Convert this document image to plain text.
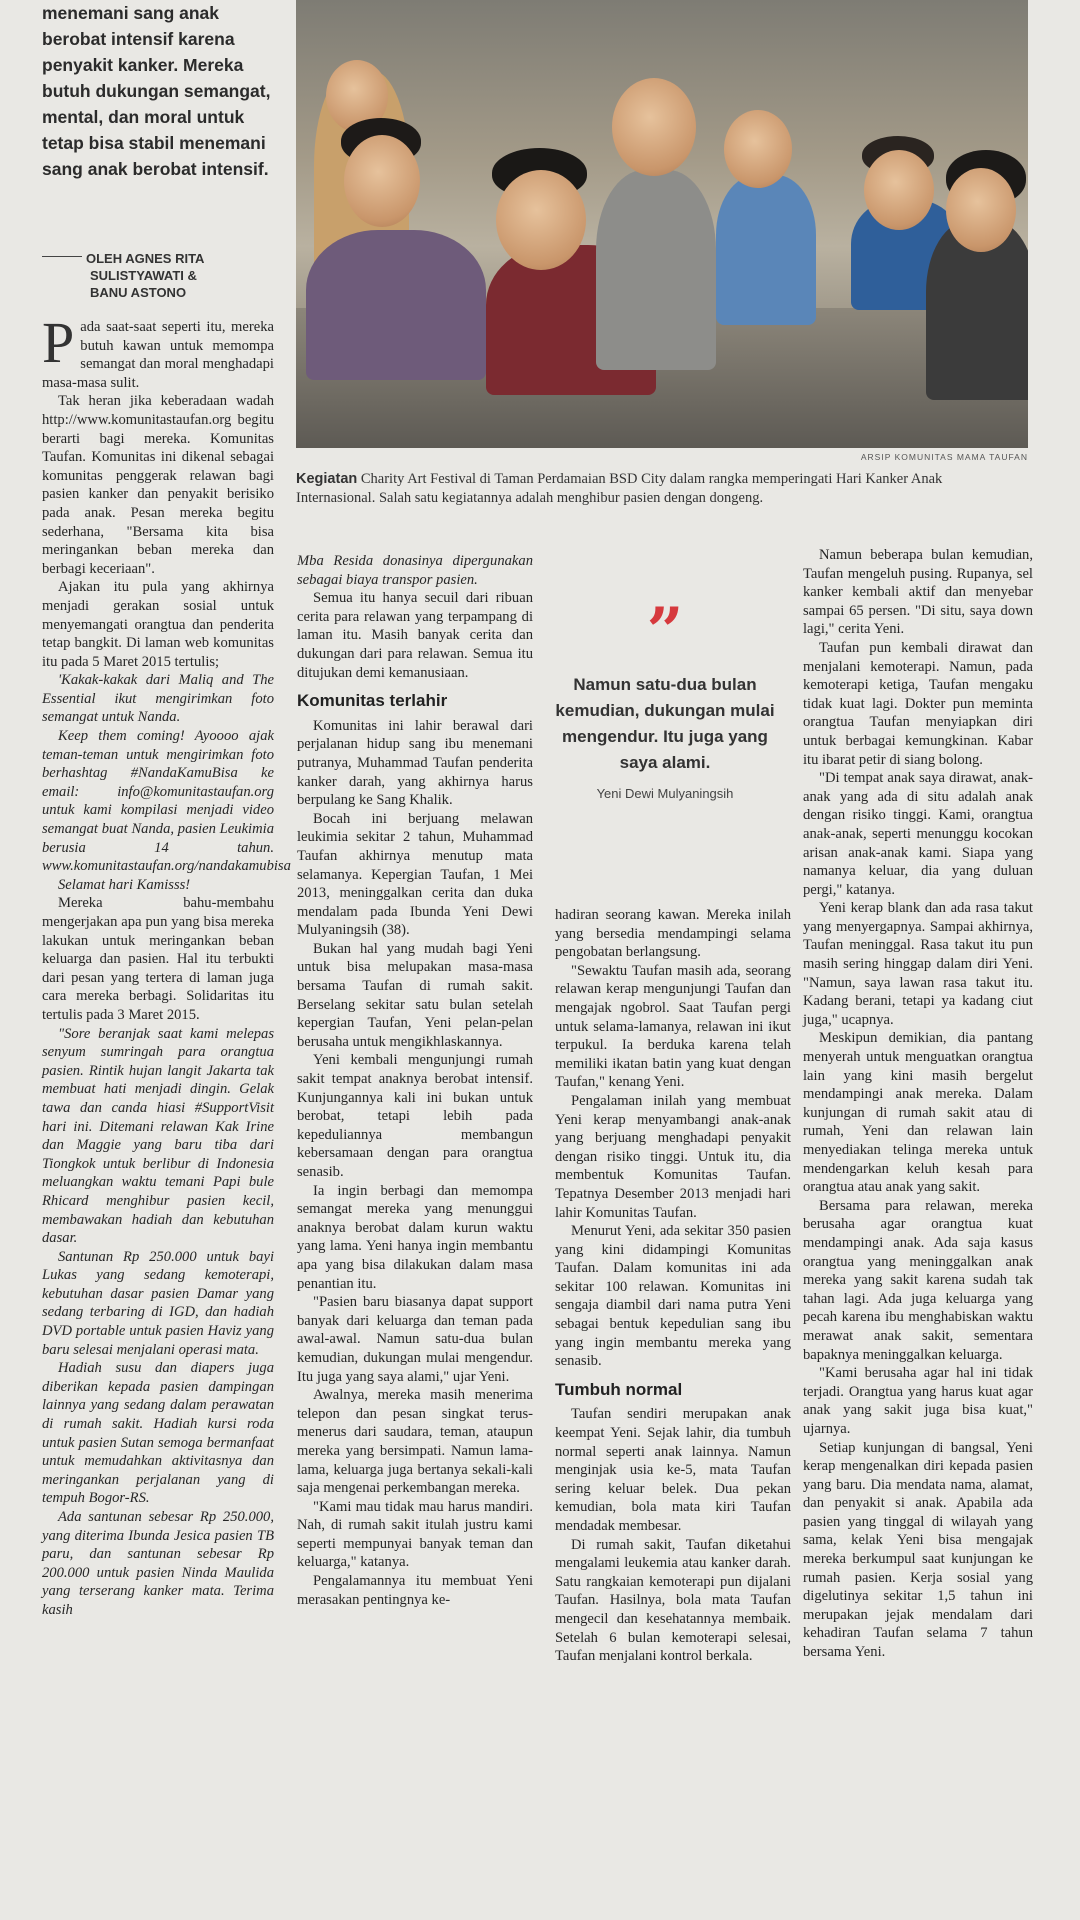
menemani sang anak berobat intensif karena penyakit kanker. Mereka butuh dukungan semangat, mental, dan moral untuk tetap bisa stabil menemani sang anak berobat intensif.
OLEH AGNES RITA
SULISTYAWATI &
BANU ASTONO
ARSIP KOMUNITAS MAMA TAUFAN
Kegiatan Charity Art Festival di Taman Perdamaian BSD City dalam rangka memperingati Hari Kanker Anak Internasional. Salah satu kegiatannya adalah menghibur pasien dengan dongeng.

Pada saat-saat seperti itu, mereka butuh kawan untuk memompa semangat dan moral menghadapi masa-masa sulit.

Tak heran jika keberadaan wadah http://www.komunitastaufan.org begitu berarti bagi mereka. Komunitas Taufan. Komunitas ini dikenal sebagai komunitas penggerak relawan bagi pasien kanker dan penyakit berisiko pada anak. Pesan mereka begitu sederhana, "Bersama kita bisa meringankan beban mereka dan berbagi keceriaan".

Ajakan itu pula yang akhirnya menjadi gerakan sosial untuk menyemangati orangtua dan penderita tetap bangkit. Di laman web komunitas itu pada 5 Maret 2015 tertulis;

'Kakak-kakak dari Maliq and The Essential ikut mengirimkan foto semangat untuk Nanda.

Keep them coming! Ayoooo ajak teman-teman untuk mengirimkan foto berhashtag #NandaKamuBisa ke email: info@komunitastaufan.org untuk kami kompilasi menjadi video semangat buat Nanda, pasien Leukimia berusia 14 tahun. www.komunitastaufan.org/nandakamubisa

Selamat hari Kamisss!

Mereka bahu-membahu mengerjakan apa pun yang bisa mereka lakukan untuk meringankan beban keluarga dan pasien. Hal itu terbukti dari pesan yang tertera di laman juga cara mereka berbagi. Solidaritas itu tertulis pada 3 Maret 2015.

"Sore beranjak saat kami melepas senyum sumringah para orangtua pasien. Rintik hujan langit Jakarta tak membuat hati menjadi dingin. Gelak tawa dan canda hiasi #SupportVisit hari ini. Ditemani relawan Kak Irine dan Maggie yang baru tiba dari Tiongkok untuk berlibur di Indonesia meluangkan waktu temani Papi bule Rhicard menghibur pasien kecil, membawakan hadiah dan kebutuhan dasar.

Santunan Rp 250.000 untuk bayi Lukas yang sedang kemoterapi, kebutuhan dasar pasien Damar yang sedang terbaring di IGD, dan hadiah DVD portable untuk pasien Haviz yang baru selesai menjalani operasi mata.

Hadiah susu dan diapers juga diberikan kepada pasien dampingan lainnya yang sedang dalam perawatan di rumah sakit. Hadiah kursi roda untuk pasien Sutan semoga bermanfaat untuk memudahkan aktivitasnya dan meringankan perjalanan yang di tempuh Bogor-RS.

Ada santunan sebesar Rp 250.000, yang diterima Ibunda Jesica pasien TB paru, dan santunan sebesar Rp 200.000 untuk pasien Ninda Maulida yang terserang kanker mata. Terima kasih

Mba Resida donasinya dipergunakan sebagai biaya transpor pasien.

Semua itu hanya secuil dari ribuan cerita para relawan yang terpampang di laman itu. Masih banyak cerita dan dukungan dari para relawan. Semua itu ditujukan demi kemanusiaan.

Komunitas terlahir

Komunitas ini lahir berawal dari perjalanan hidup sang ibu menemani putranya, Muhammad Taufan penderita kanker darah, yang akhirnya harus berpulang ke Sang Khalik.

Bocah ini berjuang melawan leukimia sekitar 2 tahun, Muhammad Taufan akhirnya menutup mata selamanya. Kepergian Taufan, 1 Mei 2013, meninggalkan cerita dan duka mendalam pada Ibunda Yeni Dewi Mulyaningsih (38).

Bukan hal yang mudah bagi Yeni untuk bisa melupakan masa-masa bersama Taufan di rumah sakit. Berselang sekitar satu bulan setelah kepergian Taufan, Yeni pelan-pelan berusaha untuk mengikhlaskannya.

Yeni kembali mengunjungi rumah sakit tempat anaknya berobat intensif. Kunjungannya kali ini bukan untuk berobat, tetapi lebih pada kepeduliannya membangun kebersamaan dengan para orangtua senasib.

Ia ingin berbagi dan memompa semangat mereka yang menunggui anaknya berobat dalam kurun waktu yang lama. Yeni hanya ingin membantu apa yang bisa dilakukan dalam masa penantian itu.

"Pasien baru biasanya dapat support banyak dari keluarga dan teman pada awal-awal. Namun satu-dua bulan kemudian, dukungan mulai mengendur. Itu juga yang saya alami," ujar Yeni.

Awalnya, mereka masih menerima telepon dan pesan singkat terus-menerus dari saudara, teman, ataupun mereka yang bersimpati. Namun lama-lama, keluarga juga bertanya sekali-kali saja mengenai perkembangan mereka.

"Kami mau tidak mau harus mandiri. Nah, di rumah sakit itulah justru kami seperti mempunyai banyak teman dan keluarga," katanya.

Pengalamannya itu membuat Yeni merasakan pentingnya ke-

”
Namun satu-dua bulan kemudian, dukungan mulai mengendur. Itu juga yang saya alami.
Yeni Dewi Mulyaningsih

hadiran seorang kawan. Mereka inilah yang bersedia mendampingi selama pengobatan berlangsung.

"Sewaktu Taufan masih ada, seorang relawan kerap mengunjungi Taufan dan mengajak ngobrol. Saat Taufan pergi untuk selama-lamanya, relawan ini ikut terpukul. Ia berduka karena telah memiliki ikatan batin yang kuat dengan Taufan," kenang Yeni.

Pengalaman inilah yang membuat Yeni kerap menyambangi anak-anak yang berjuang menghadapi penyakit dengan risiko tinggi. Untuk itu, dia membentuk Komunitas Taufan. Tepatnya Desember 2013 menjadi hari lahir Komunitas Taufan.

Menurut Yeni, ada sekitar 350 pasien yang kini didampingi Komunitas Taufan. Dalam komunitas ini ada sekitar 100 relawan. Komunitas ini sengaja diambil dari nama putra Yeni sebagai bentuk kepedulian sang ibu yang ingin membantu mereka yang senasib.

Tumbuh normal

Taufan sendiri merupakan anak keempat Yeni. Sejak lahir, dia tumbuh normal seperti anak lainnya. Namun menginjak usia ke-5, mata Taufan sering keluar belek. Dua pekan kemudian, bola mata kiri Taufan mendadak membesar.

Di rumah sakit, Taufan diketahui mengalami leukemia atau kanker darah. Satu rangkaian kemoterapi pun dijalani Taufan. Hasilnya, bola mata Taufan mengecil dan kesehatannya membaik. Setelah 6 bulan kemoterapi selesai, Taufan menjalani kontrol berkala.

Namun beberapa bulan kemudian, Taufan mengeluh pusing. Rupanya, sel kanker kembali aktif dan menyebar sampai 65 persen. "Di situ, saya down lagi," cerita Yeni.

Taufan pun kembali dirawat dan menjalani kemoterapi. Namun, pada kemoterapi ketiga, Taufan mengaku tidak kuat lagi. Dokter pun meminta orangtua Taufan menyiapkan diri untuk berbagai kemungkinan. Kabar itu ibarat petir di siang bolong.

"Di tempat anak saya dirawat, anak-anak yang ada di situ adalah anak dengan risiko tinggi. Kami, orangtua anak-anak, seperti menunggu kocokan arisan anak-anak kami. Siapa yang namanya keluar, dia yang duluan pergi," katanya.

Yeni kerap blank dan ada rasa takut yang menyergapnya. Sampai akhirnya, Taufan meninggal. Rasa takut itu pun masih sering hinggap dalam diri Yeni. "Namun, saya lawan rasa takut itu. Kadang berani, tetapi ya kadang ciut juga," ucapnya.

Meskipun demikian, dia pantang menyerah untuk menguatkan orangtua lain yang kini masih bergelut mendampingi anak mereka. Dalam kunjungan di rumah sakit atau di rumah, Yeni dan relawan lain menyediakan telinga mereka untuk mendengarkan keluh kesah para orangtua atau anak yang sakit.

Bersama para relawan, mereka berusaha agar orangtua kuat mendampingi anak. Ada saja kasus orangtua yang meninggalkan anak mereka yang sakit karena sudah tak tahan lagi. Ada juga keluarga yang pecah karena ibu menghabiskan waktu merawat anak sakit, sementara bapaknya meninggalkan keluarga.

"Kami berusaha agar hal ini tidak terjadi. Orangtua yang harus kuat agar anak yang sakit juga bisa kuat," ujarnya.

Setiap kunjungan di bangsal, Yeni kerap mengenalkan diri kepada pasien yang baru. Dia mendata nama, alamat, dan penyakit si anak. Apabila ada pasien yang tinggal di wilayah yang sama, kelak Yeni bisa mengajak mereka berkumpul saat kunjungan ke rumah pasien. Kerja sosial yang digelutinya sekitar 1,5 tahun ini merupakan jejak mendalam dari kehadiran Taufan selama 7 tahun bersama Yeni.
